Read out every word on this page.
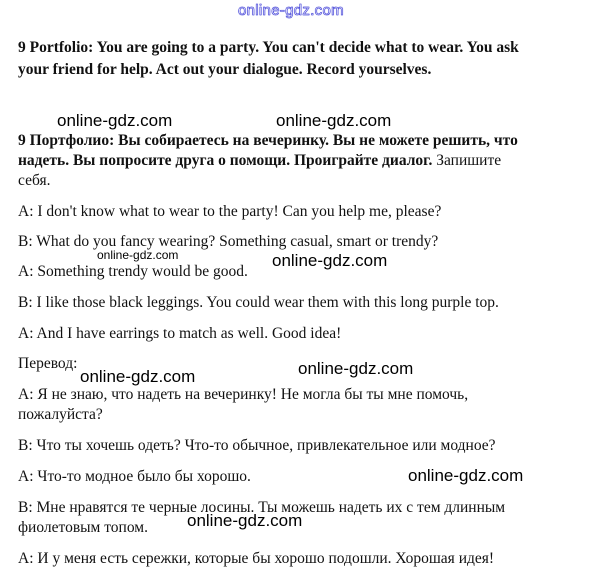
online-gdz.com
9 Portfolio: You are going to a party. You can't decide what to wear. You ask
your friend for help. Act out your dialogue. Record yourselves.
online-gdz.com	online-gdz.com
9 Портфолио: Вы собираетесь на вечеринку. Вы не можете решить, что
надеть. Вы попросите друга о помощи. Проиграйте диалог. Запишите
себя.
A: I don't know what to wear to the party! Can you help me, please?
B: What do you fancy wearing? Something casual, smart or trendy?
online-gdz.com	online-gdz.com
A: Something trendy would be good.
B: I like those black leggings. You could wear them with this long purple top.
A: And I have earrings to match as well. Good idea!
Перевод:	online-gdz.com
online-gdz.com
А: Я не знаю, что надеть на вечеринку! Не могла бы ты мне помочь,
пожалуйста?
В: Что ты хочешь одеть? Что-то обычное, привлекательное или модное?
А: Что-то модное было бы хорошо.	online-gdz.com
В: Мне нравятся те черные лосины. Ты можешь надеть их с тем длинным
фиолетовым топом.	online-gdz.com
А: И у меня есть сережки, которые бы хорошо подошли. Хорошая идея!
